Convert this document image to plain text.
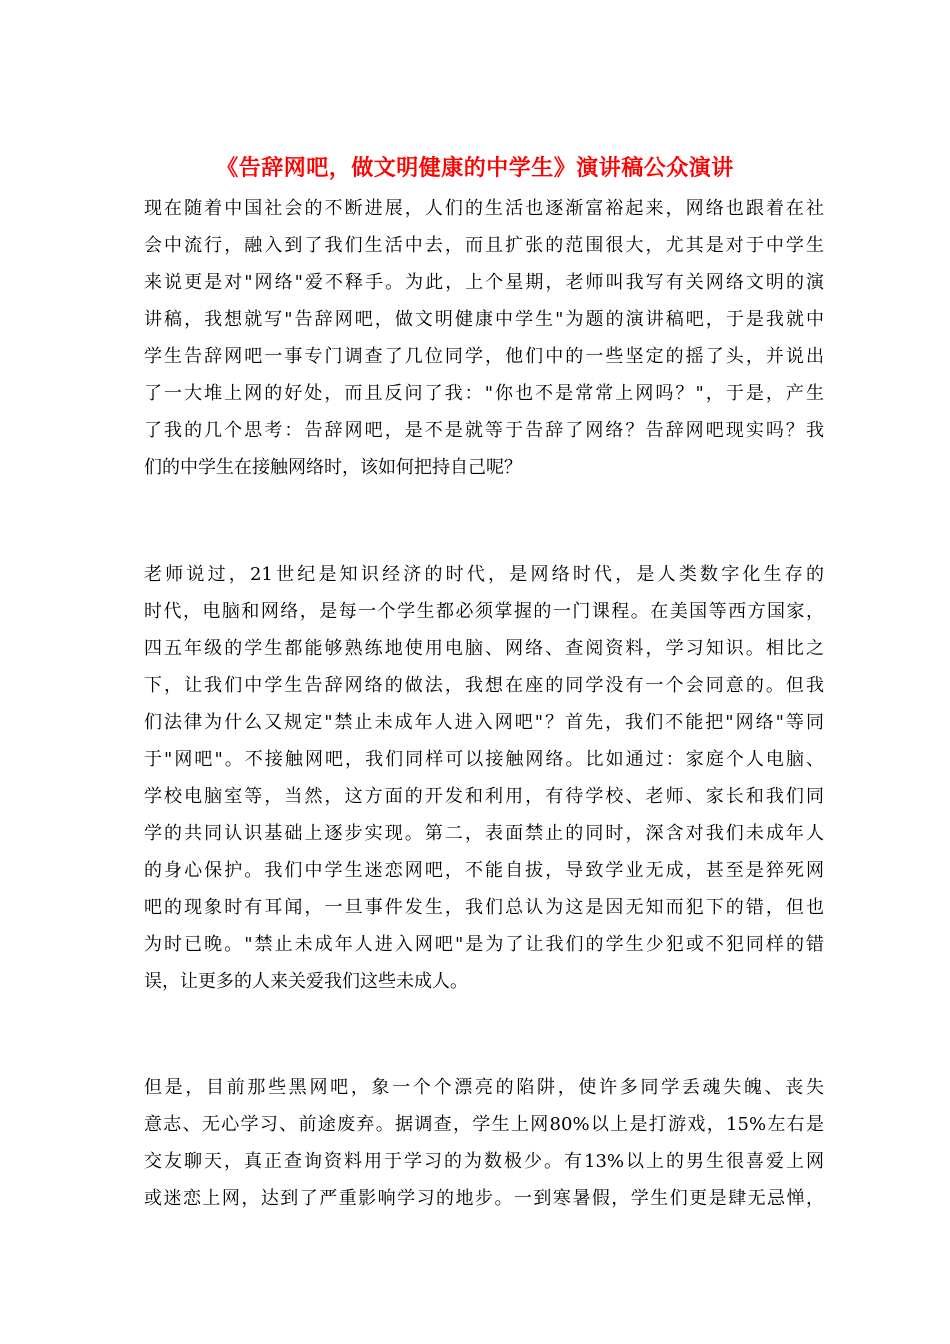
《告辞网吧，做文明健康的中学生》演讲稿公众演讲
现在随着中国社会的不断进展，人们的生活也逐渐富裕起来，网络也跟着在社
会中流行，融入到了我们生活中去，而且扩张的范围很大，尤其是对于中学生
来说更是对"网络"爱不释手。为此，上个星期，老师叫我写有关网络文明的演
讲稿，我想就写"告辞网吧，做文明健康中学生"为题的演讲稿吧，于是我就中
学生告辞网吧一事专门调查了几位同学，他们中的一些坚定的摇了头，并说出
了一大堆上网的好处，而且反问了我："你也不是常常上网吗？"，于是，产生
了我的几个思考：告辞网吧，是不是就等于告辞了网络？告辞网吧现实吗？我
们的中学生在接触网络时，该如何把持自己呢？
老师说过，21世纪是知识经济的时代，是网络时代，是人类数字化生存的
时代，电脑和网络，是每一个学生都必须掌握的一门课程。在美国等西方国家，
四五年级的学生都能够熟练地使用电脑、网络、查阅资料，学习知识。相比之
下，让我们中学生告辞网络的做法，我想在座的同学没有一个会同意的。但我
们法律为什么又规定"禁止未成年人进入网吧"？首先，我们不能把"网络"等同
于"网吧"。不接触网吧，我们同样可以接触网络。比如通过：家庭个人电脑、
学校电脑室等，当然，这方面的开发和利用，有待学校、老师、家长和我们同
学的共同认识基础上逐步实现。第二，表面禁止的同时，深含对我们未成年人
的身心保护。我们中学生迷恋网吧，不能自拔，导致学业无成，甚至是猝死网
吧的现象时有耳闻，一旦事件发生，我们总认为这是因无知而犯下的错，但也
为时已晚。"禁止未成年人进入网吧"是为了让我们的学生少犯或不犯同样的错
误，让更多的人来关爱我们这些未成人。
但是，目前那些黑网吧，象一个个漂亮的陷阱，使许多同学丢魂失魄、丧失
意志、无心学习、前途废弃。据调查，学生上网80%以上是打游戏，15%左右是
交友聊天，真正查询资料用于学习的为数极少。有13%以上的男生很喜爱上网
或迷恋上网，达到了严重影响学习的地步。一到寒暑假，学生们更是肆无忌惮，
